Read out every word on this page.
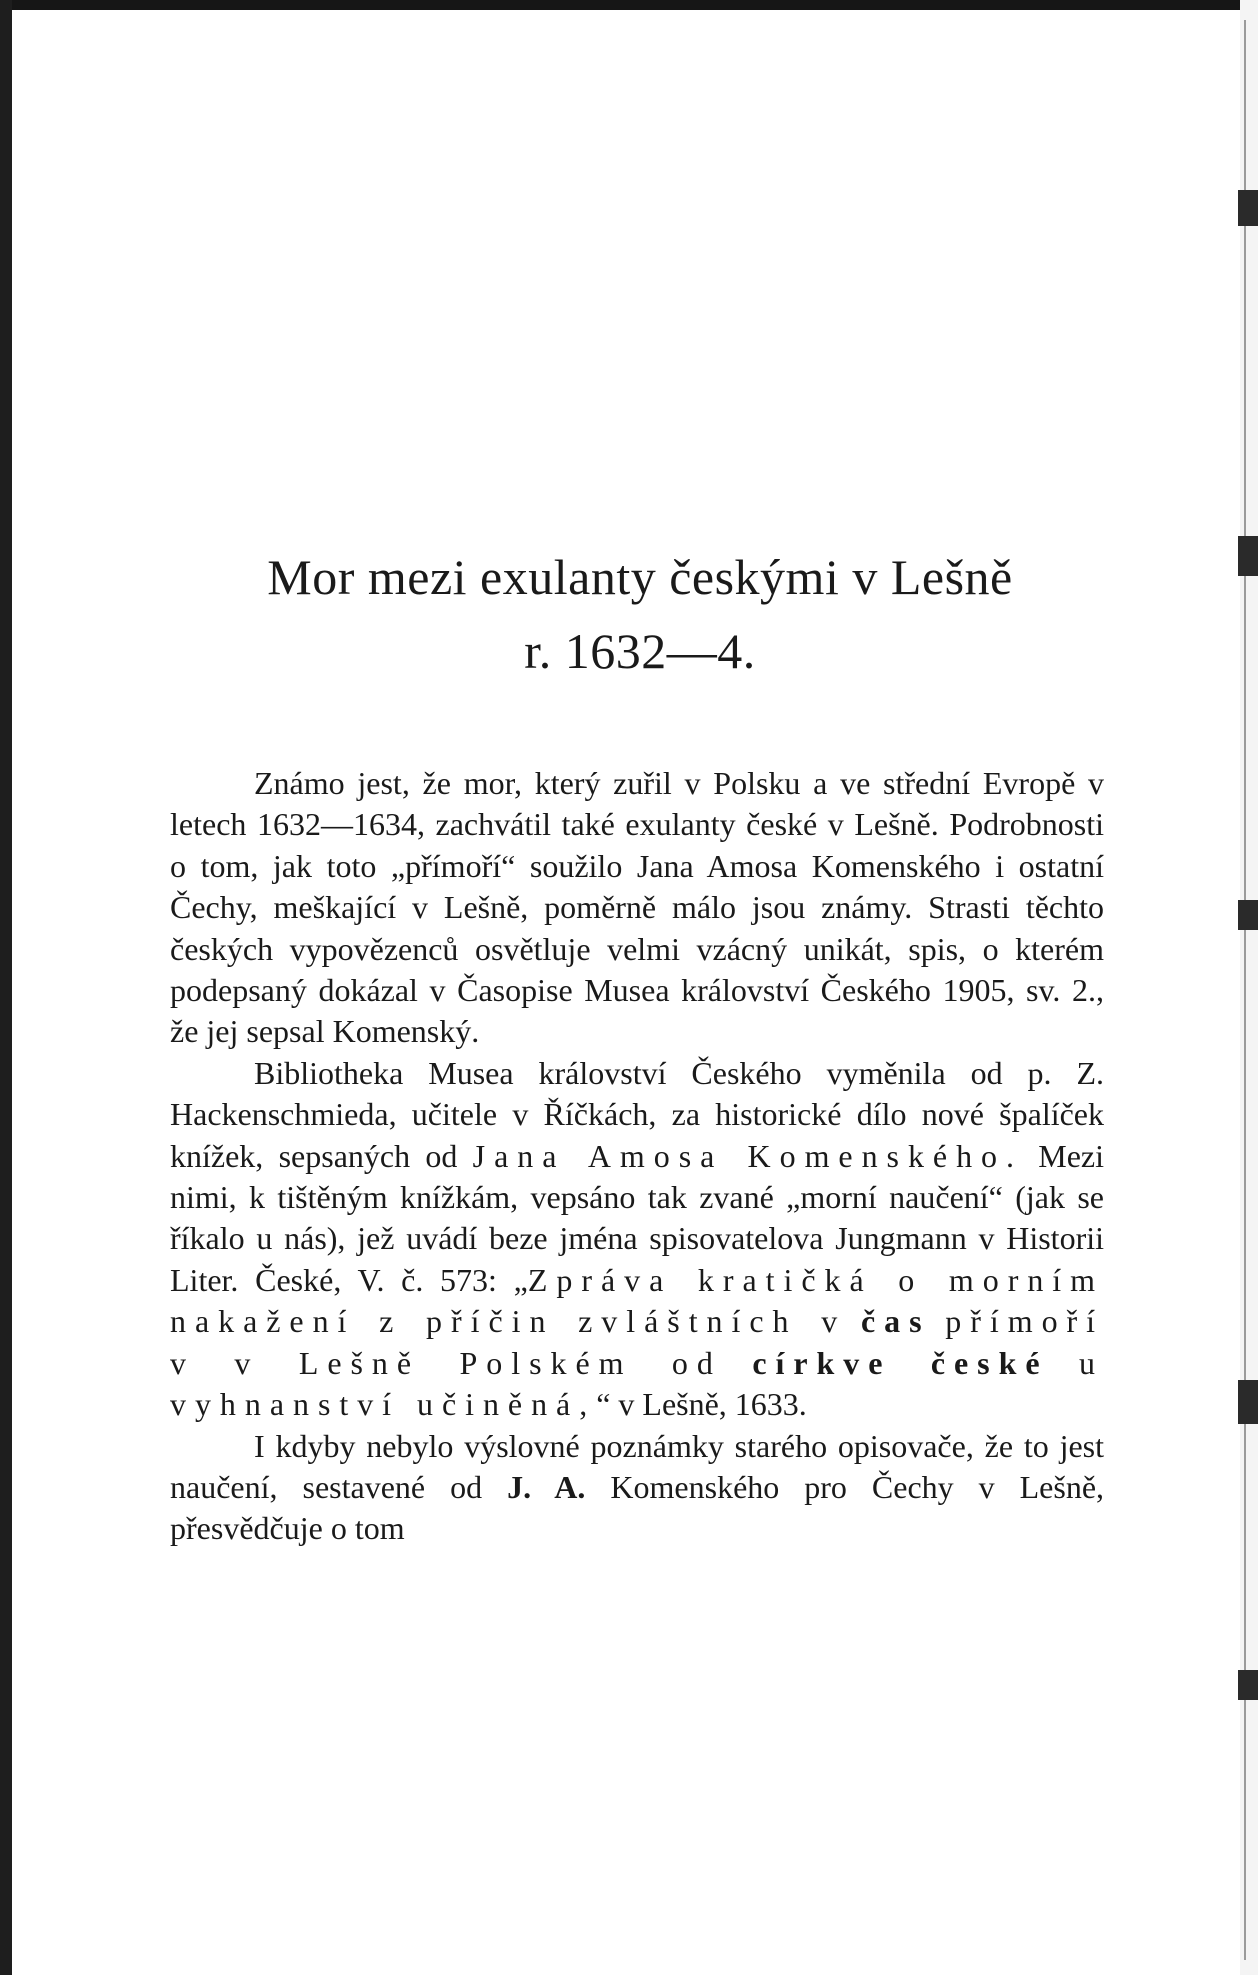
Mor mezi exulanty českými v Lešně
r. 1632—4.

Známo jest, že mor, který zuřil v Polsku a ve střední Evropě v letech 1632—1634, zachvátil také exulanty české v Lešně. Podrobnosti o tom, jak toto „přímoří“ soužilo Jana Amosa Komenského i ostatní Čechy, meškající v Lešně, poměrně málo jsou známy. Strasti těchto českých vypovězenců osvětluje velmi vzácný unikát, spis, o kterém podepsaný dokázal v Časopise Musea království Českého 1905, sv. 2., že jej sepsal Komenský.

Bibliotheka Musea království Českého vyměnila od p. Z. Hackenschmieda, učitele v Říčkách, za historické dílo nové špalíček knížek, sepsaných od Jana Amosa Komenského. Mezi nimi, k tištěným knížkám, vepsáno tak zvané „morní naučení“ (jak se říkalo u nás), jež uvádí beze jména spisovatelova Jungmann v Historii Liter. České, V. č. 573: „Zpráva kratičká o morním nakažení z příčin zvláštních v čas přímoří v v Lešně Polském od církve české u vyhnanství učiněná,“ v Lešně, 1633.

I kdyby nebylo výslovné poznámky starého opisovače, že to jest naučení, sestavené od J. A. Komenského pro Čechy v Lešně, přesvědčuje o tom
